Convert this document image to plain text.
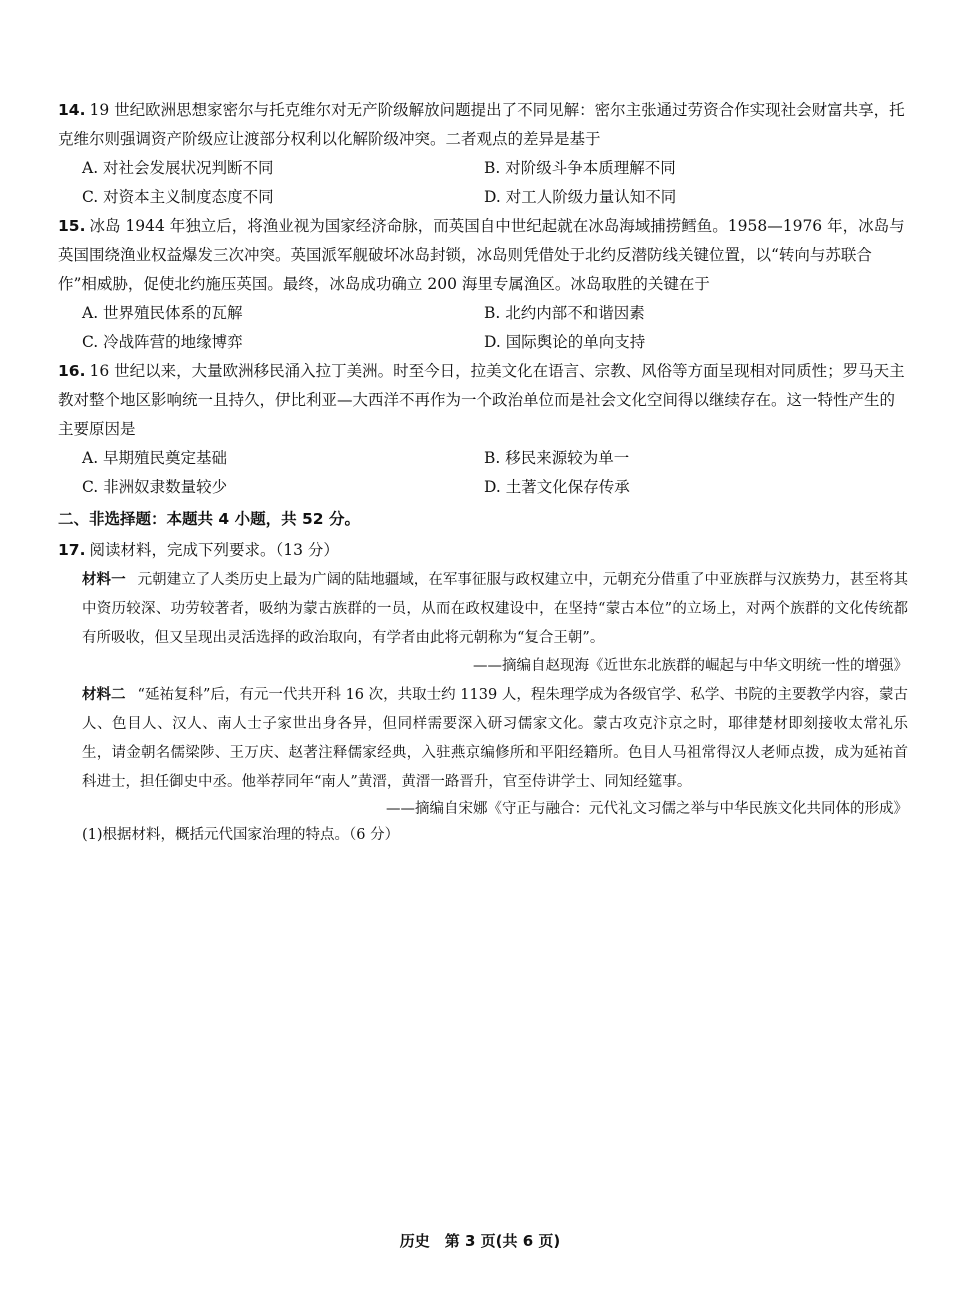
14. 19 世纪欧洲思想家密尔与托克维尔对无产阶级解放问题提出了不同见解：密尔主张通过劳资合作实现社会财富共享，托克维尔则强调资产阶级应让渡部分权利以化解阶级冲突。二者观点的差异是基于
A. 对社会发展状况判断不同	B. 对阶级斗争本质理解不同
C. 对资本主义制度态度不同	D. 对工人阶级力量认知不同
15. 冰岛 1944 年独立后，将渔业视为国家经济命脉，而英国自中世纪起就在冰岛海域捕捞鳕鱼。1958—1976 年，冰岛与英国围绕渔业权益爆发三次冲突。英国派军舰破坏冰岛封锁，冰岛则凭借处于北约反潜防线关键位置，以“转向与苏联合作”相威胁，促使北约施压英国。最终，冰岛成功确立 200 海里专属渔区。冰岛取胜的关键在于
A. 世界殖民体系的瓦解	B. 北约内部不和谐因素
C. 冷战阵营的地缘博弈	D. 国际舆论的单向支持
16. 16 世纪以来，大量欧洲移民涌入拉丁美洲。时至今日，拉美文化在语言、宗教、风俗等方面呈现相对同质性；罗马天主教对整个地区影响统一且持久，伊比利亚—大西洋不再作为一个政治单位而是社会文化空间得以继续存在。这一特性产生的主要原因是
A. 早期殖民奠定基础	B. 移民来源较为单一
C. 非洲奴隶数量较少	D. 土著文化保存传承
二、非选择题：本题共 4 小题，共 52 分。
17. 阅读材料，完成下列要求。（13 分）
材料一 元朝建立了人类历史上最为广阔的陆地疆域，在军事征服与政权建立中，元朝充分借重了中亚族群与汉族势力，甚至将其中资历较深、功劳较著者，吸纳为蒙古族群的一员，从而在政权建设中，在坚持“蒙古本位”的立场上，对两个族群的文化传统都有所吸收，但又呈现出灵活选择的政治取向，有学者由此将元朝称为“复合王朝”。
——摘编自赵现海《近世东北族群的崛起与中华文明统一性的增强》
材料二 “延祐复科”后，有元一代共开科 16 次，共取士约 1139 人，程朱理学成为各级官学、私学、书院的主要教学内容，蒙古人、色目人、汉人、南人士子家世出身各异，但同样需要深入研习儒家文化。蒙古攻克汴京之时，耶律楚材即刻接收太常礼乐生，请金朝名儒梁陟、王万庆、赵著注释儒家经典，入驻燕京编修所和平阳经籍所。色目人马祖常得汉人老师点拨，成为延祐首科进士，担任御史中丞。他举荐同年“南人”黄溍，黄溍一路晋升，官至侍讲学士、同知经筵事。
——摘编自宋娜《守正与融合：元代礼文习儒之举与中华民族文化共同体的形成》
(1)根据材料，概括元代国家治理的特点。（6 分）
历史　第 3 页(共 6 页)
